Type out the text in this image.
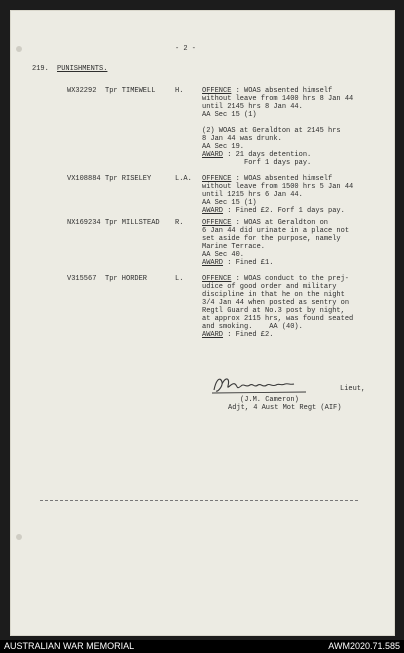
- 2 -
219. PUNISHMENTS.
WX32292 Tpr TIMEWELL	H.	OFFENCE : WOAS absented himself
without leave from 1400 hrs 8 Jan 44
until 2145 hrs 8 Jan 44.
AA Sec 15 (1)
(2) WOAS at Geraldton at 2145 hrs
8 Jan 44 was drunk.
AA Sec 19.
AWARD : 21 days detention.
Forf 1 days pay.
VX108884 Tpr RISELEY	L.A. OFFENCE : WOAS absented himself
without leave from 1500 hrs 5 Jan 44
until 1215 hrs 6 Jan 44.
AA Sec 15 (1)
AWARD : Fined £2. Forf 1 days pay.
NX169234 Tpr MILLSTEAD R.	OFFENCE : WOAS at Geraldton on
6 Jan 44 did urinate in a place not
set aside for the purpose, namely
Marine Terrace.
AA Sec 40.
AWARD : Fined £1.
V315567 Tpr HORDER	L.	OFFENCE : WOAS conduct to the prej-
udice of good order and military
discipline in that he on the night
3/4 Jan 44 when posted as sentry on
Regtl Guard at No.3 post by night,
at approx 2115 hrs, was found seated
and smoking.    AA (40).
AWARD : Fined £2.
(J.M. Cameron)
Lieut,
Adjt, 4 Aust Mot Regt (AIF)
AUSTRALIAN WAR MEMORIAL	AWM2020.71.585
